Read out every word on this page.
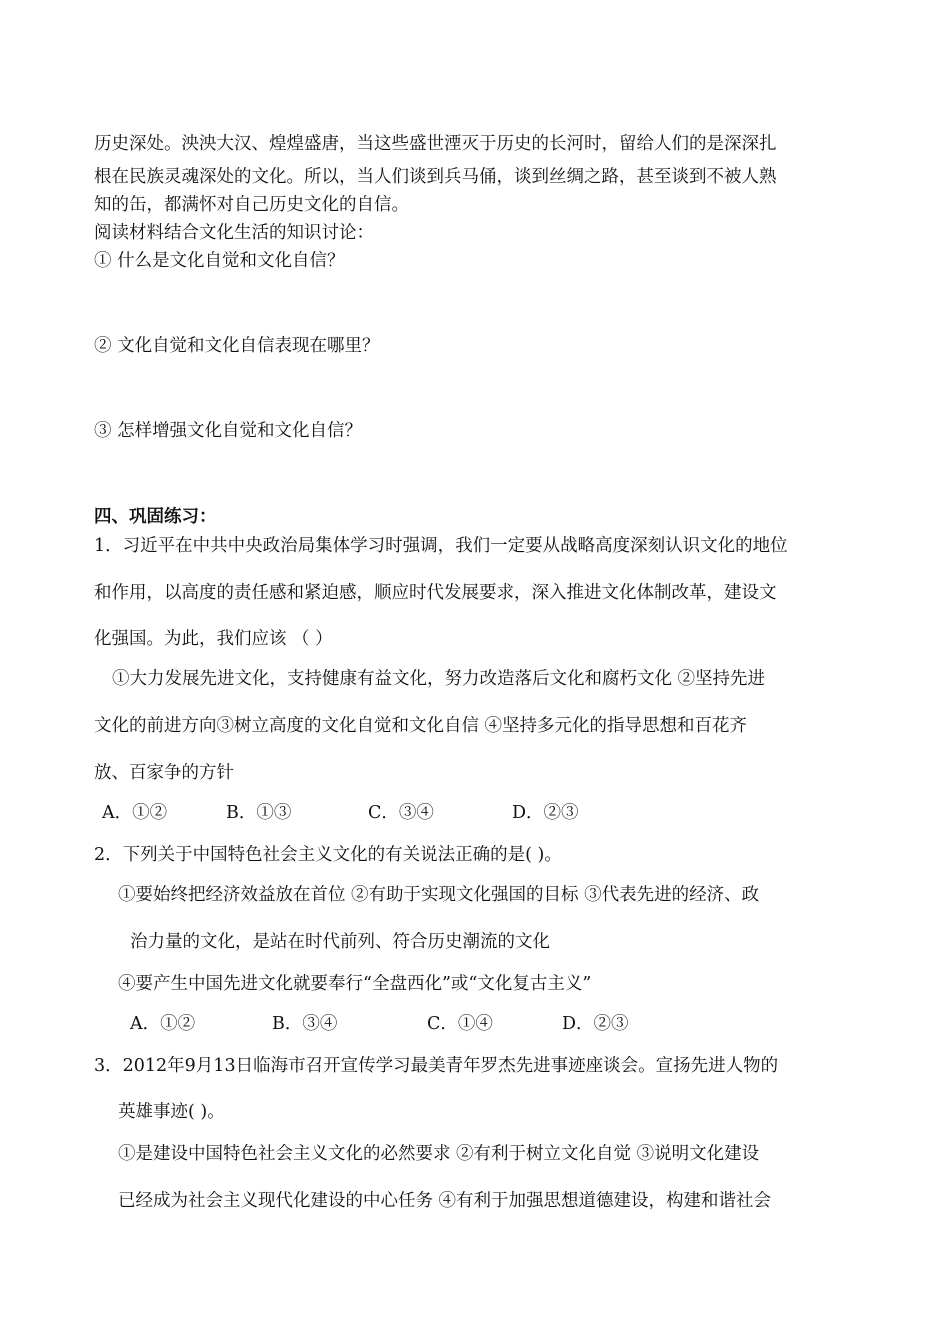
历史深处。泱泱大汉、煌煌盛唐，当这些盛世湮灭于历史的长河时，留给人们的是深深扎
根在民族灵魂深处的文化。所以，当人们谈到兵马俑，谈到丝绸之路，甚至谈到不被人熟
知的缶，都满怀对自己历史文化的自信。
阅读材料结合文化生活的知识讨论：
① 什么是文化自觉和文化自信？
② 文化自觉和文化自信表现在哪里？
③ 怎样增强文化自觉和文化自信？
四、巩固练习：
1．习近平在中共中央政治局集体学习时强调，我们一定要从战略高度深刻认识文化的地位
和作用，以高度的责任感和紧迫感，顺应时代发展要求，深入推进文化体制改革，建设文
化强国。为此，我们应该 （ ）
①大力发展先进文化，支持健康有益文化，努力改造落后文化和腐朽文化 ②坚持先进
文化的前进方向③树立高度的文化自觉和文化自信 ④坚持多元化的指导思想和百花齐
放、百家争的方针
A．①②	B．①③	C．③④	D．②③
2．下列关于中国特色社会主义文化的有关说法正确的是( )。
①要始终把经济效益放在首位 ②有助于实现文化强国的目标 ③代表先进的经济、政
治力量的文化，是站在时代前列、符合历史潮流的文化
④要产生中国先进文化就要奉行“全盘西化”或“文化复古主义”
A．①②	B．③④	C．①④	D．②③
3．2012年9月13日临海市召开宣传学习最美青年罗杰先进事迹座谈会。宣扬先进人物的
英雄事迹( )。
①是建设中国特色社会主义文化的必然要求 ②有利于树立文化自觉 ③说明文化建设
已经成为社会主义现代化建设的中心任务 ④有利于加强思想道德建设，构建和谐社会
